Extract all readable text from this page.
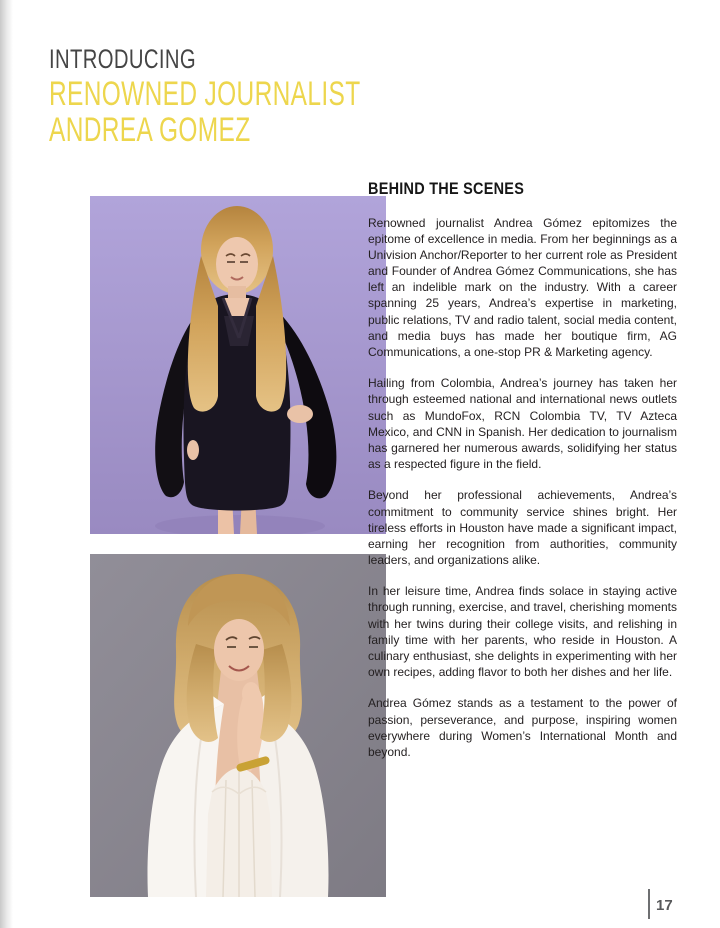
INTRODUCING
RENOWNED JOURNALIST
ANDREA GOMEZ
BEHIND THE SCENES

Renowned journalist Andrea Gómez epitomizes the epitome of excellence in media. From her beginnings as a Univision Anchor/Reporter to her current role as President and Founder of Andrea Gómez Communications, she has left an indelible mark on the industry. With a career spanning 25 years, Andrea’s expertise in marketing, public relations, TV and radio talent, social media content, and media buys has made her boutique firm, AG Communications, a one-stop PR & Marketing agency.

Hailing from Colombia, Andrea’s journey has taken her through esteemed national and international news outlets such as MundoFox, RCN Colombia TV, TV Azteca Mexico, and CNN in Spanish. Her dedication to journalism has garnered her numerous awards, solidifying her status as a respected figure in the field.

Beyond her professional achievements, Andrea’s commitment to community service shines bright. Her tireless efforts in Houston have made a significant impact, earning her recognition from authorities, community leaders, and organizations alike.

In her leisure time, Andrea finds solace in staying active through running, exercise, and travel, cherishing moments with her twins during their college visits, and relishing in family time with her parents, who reside in Houston. A culinary enthusiast, she delights in experimenting with her own recipes, adding flavor to both her dishes and her life.

Andrea Gómez stands as a testament to the power of passion, perseverance, and purpose, inspiring women everywhere during Women’s International Month and beyond.

17
